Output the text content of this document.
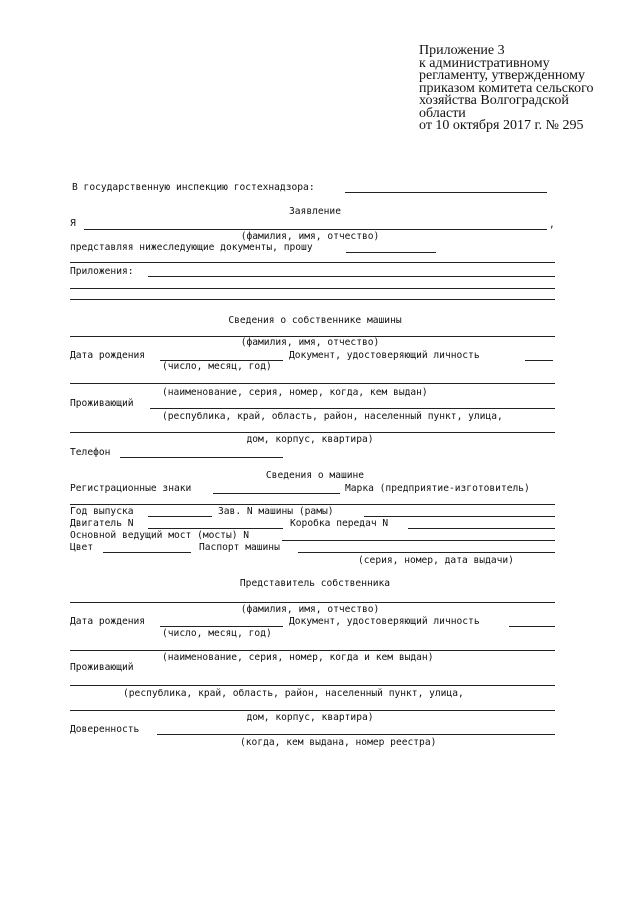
Приложение 3
к административному
регламенту, утвержденному
приказом комитета сельского
хозяйства Волгоградской
области
от 10 октября 2017 г. № 295
В государственную инспекцию гостехнадзора:
Заявление
Я	,
(фамилия, имя, отчество)
представляя нижеследующие документы, прошу
Приложения:
Сведения о собственнике машины
(фамилия, имя, отчество)
Дата рождения	Документ, удостоверяющий личность
(число, месяц, год)
(наименование, серия, номер, когда, кем выдан)
Проживающий
(республика, край, область, район, населенный пункт, улица,
дом, корпус, квартира)
Телефон
Сведения о машине
Регистрационные знаки	Марка (предприятие-изготовитель)
Год выпуска	Зав. N машины (рамы)
Двигатель N	Коробка передач N
Основной ведущий мост (мосты) N
Цвет	Паспорт машины
(серия, номер, дата выдачи)
Представитель собственника
(фамилия, имя, отчество)
Дата рождения	Документ, удостоверяющий личность
(число, месяц, год)
(наименование, серия, номер, когда и кем выдан)
Проживающий
(республика, край, область, район, населенный пункт, улица,
дом, корпус, квартира)
Доверенность
(когда, кем выдана, номер реестра)
